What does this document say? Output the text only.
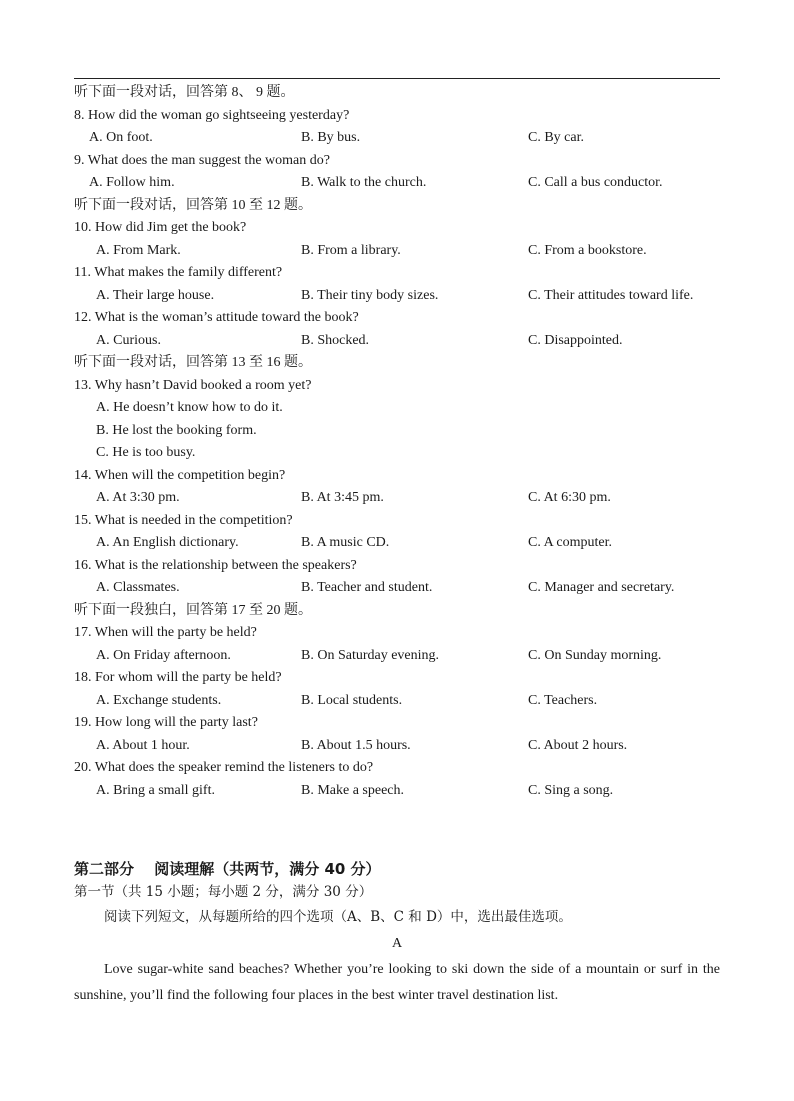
听下面一段对话，回答第 8、 9 题。
8. How did the woman go sightseeing yesterday?
A. On foot.	B. By bus.	C. By car.
9. What does the man suggest the woman do?
A. Follow him.	B. Walk to the church.	C. Call a bus conductor.
听下面一段对话，回答第 10 至 12 题。
10. How did Jim get the book?
A. From Mark.	B. From a library.	C. From a bookstore.
11. What makes the family different?
A. Their large house.	B. Their tiny body sizes.	C. Their attitudes toward life.
12. What is the woman’s attitude toward the book?
A. Curious.	B. Shocked.	C. Disappointed.
听下面一段对话，回答第 13 至 16 题。
13. Why hasn’t David booked a room yet?
A. He doesn’t know how to do it.
B. He lost the booking form.
C. He is too busy.
14. When will the competition begin?
A. At 3:30 pm.	B. At 3:45 pm.	C. At 6:30 pm.
15. What is needed in the competition?
A. An English dictionary.	B. A music CD.	C. A computer.
16. What is the relationship between the speakers?
A. Classmates.	B. Teacher and student.	C. Manager and secretary.
听下面一段独白，回答第 17 至 20 题。
17. When will the party be held?
A. On Friday afternoon.	B. On Saturday evening.	C. On Sunday morning.
18. For whom will the party be held?
A. Exchange students.	B. Local students.	C. Teachers.
19. How long will the party last?
A. About 1 hour.	B. About 1.5 hours.	C. About 2 hours.
20. What does the speaker remind the listeners to do?
A. Bring a small gift.	B. Make a speech.	C. Sing a song.
第二部分　 阅读理解（共两节，满分 40 分）
第一节（共 15 小题；每小题 2 分，满分 30 分）
阅读下列短文，从每题所给的四个选项（A、B、C 和 D）中，选出最佳选项。
A
Love sugar-white sand beaches? Whether you’re looking to ski down the side of a mountain or surf in the sunshine, you’ll find the following four places in the best winter travel destination list.
